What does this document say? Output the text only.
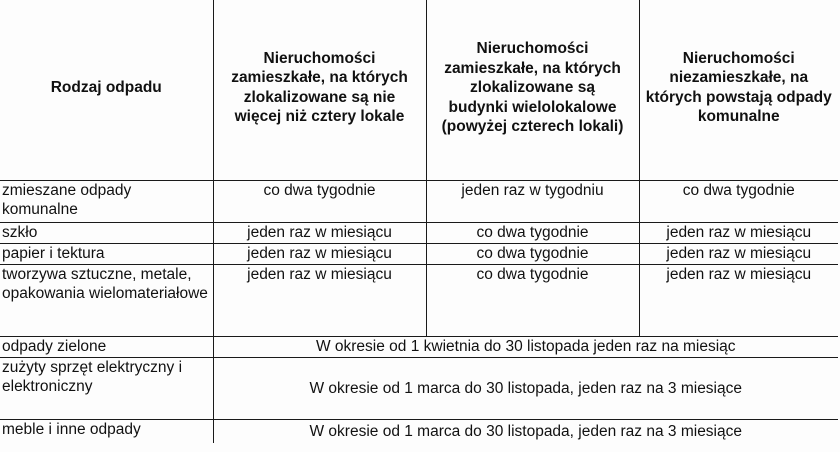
Rodzaj odpadu	Nieruchomości zamieszkałe, na których zlokalizowane są nie więcej niż cztery lokale	Nieruchomości zamieszkałe, na których zlokalizowane są budynki wielolokalowe (powyżej czterech lokali)	Nieruchomości niezamieszkałe, na których powstają odpady komunalne
zmieszane odpady komunalne	co dwa tygodnie	jeden raz w tygodniu	co dwa tygodnie
szkło	jeden raz w miesiącu	co dwa tygodnie	jeden raz w miesiącu
papier i tektura	jeden raz w miesiącu	co dwa tygodnie	jeden raz w miesiącu
tworzywa sztuczne, metale, opakowania wielomateriałowe	jeden raz w miesiącu	co dwa tygodnie	jeden raz w miesiącu
odpady zielone	W okresie od 1 kwietnia do 30 listopada jeden raz na miesiąc		
zużyty sprzęt elektryczny i elektroniczny	W okresie od 1 marca do 30 listopada, jeden raz na 3 miesiące		
meble i inne odpady	W okresie od 1 marca do 30 listopada, jeden raz na 3 miesiące		
